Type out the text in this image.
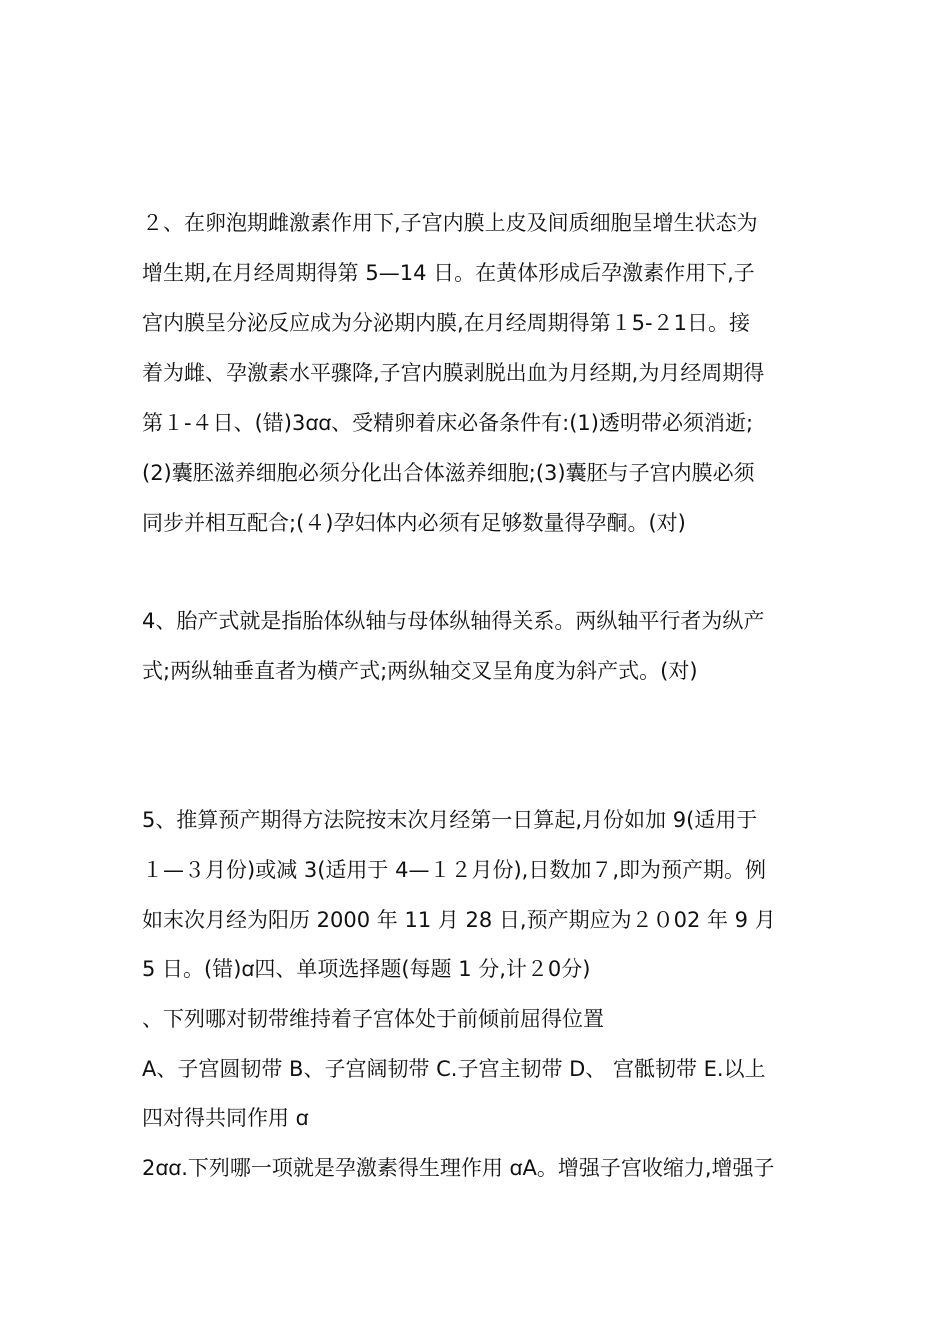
２、在卵泡期雌激素作用下,子宫内膜上皮及间质细胞呈增生状态为
增生期,在月经周期得第 5—14 日。在黄体形成后孕激素作用下,子
宫内膜呈分泌反应成为分泌期内膜,在月经周期得第１5-２1日。接
着为雌、孕激素水平骤降,子宫内膜剥脱出血为月经期,为月经周期得
第１-４日、(错)3ꭤꭤ、受精卵着床必备条件有:(1)透明带必须消逝;
(2)囊胚滋养细胞必须分化出合体滋养细胞;(3)囊胚与子宫内膜必须
同步并相互配合;(４)孕妇体内必须有足够数量得孕酮。(对)
4、胎产式就是指胎体纵轴与母体纵轴得关系。两纵轴平行者为纵产
式;两纵轴垂直者为横产式;两纵轴交叉呈角度为斜产式。(对)
5、推算预产期得方法院按末次月经第一日算起,月份如加 9(适用于
１—３月份)或减 3(适用于 4—１２月份),日数加７,即为预产期。例
如末次月经为阳历 2000 年 11 月 28 日,预产期应为２０02 年 9 月
5 日。(错)ꭤ四、单项选择题(每题 1 分,计２0分)
、下列哪对韧带维持着子宫体处于前倾前屈得位置
A、子宫圆韧带 B、子宫阔韧带 C.子宫主韧带 D、 宫骶韧带 E.以上
四对得共同作用 ꭤ
2ꭤꭤ.下列哪一项就是孕激素得生理作用 ꭤA。增强子宫收缩力,增强子
